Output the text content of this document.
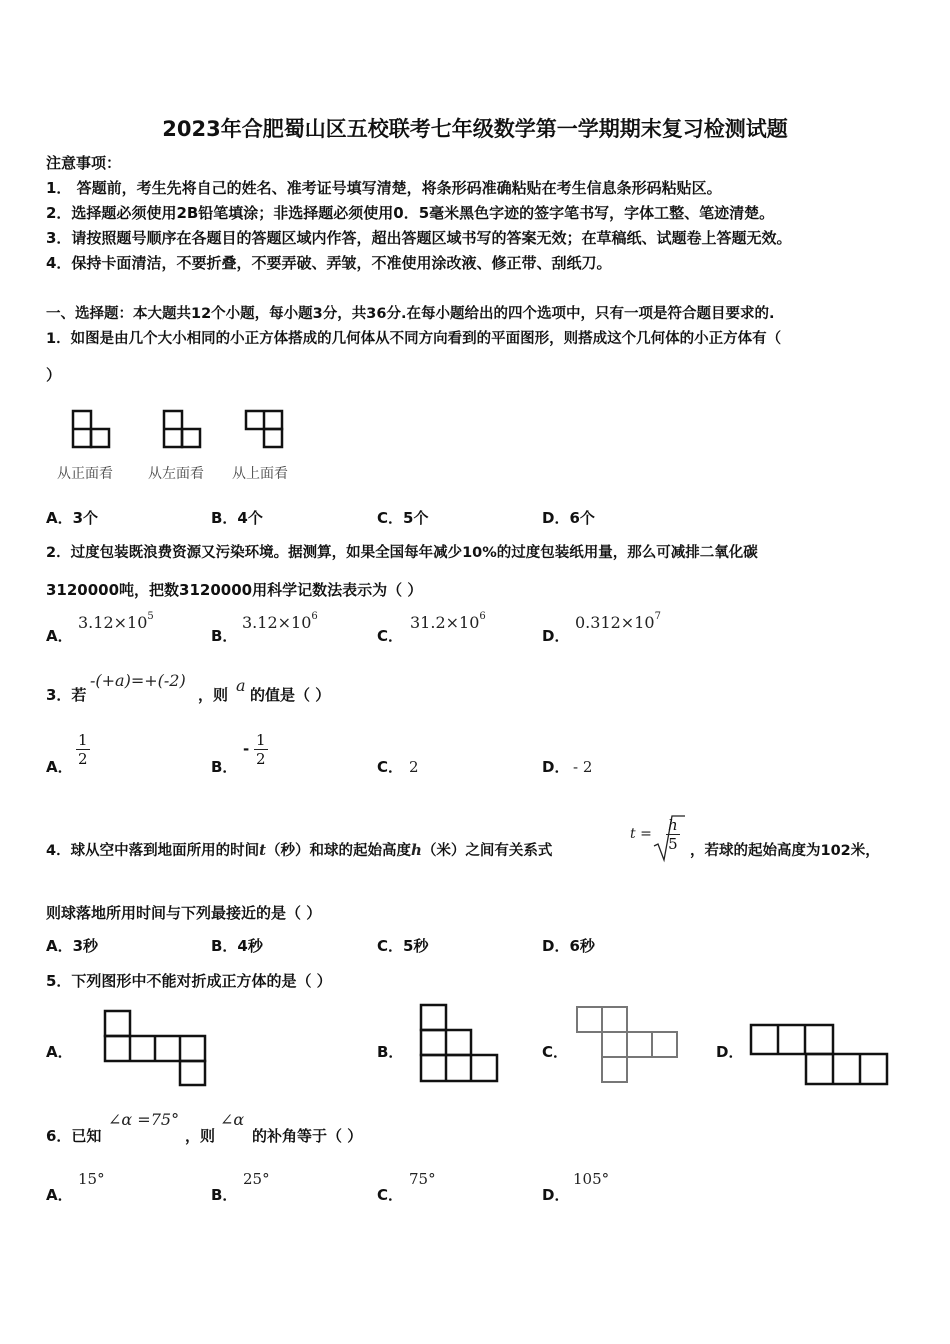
2023年合肥蜀山区五校联考七年级数学第一学期期末复习检测试题
注意事项：
1． 答题前，考生先将自己的姓名、准考证号填写清楚，将条形码准确粘贴在考生信息条形码粘贴区。
2．选择题必须使用2B铅笔填涂；非选择题必须使用0．5毫米黑色字迹的签字笔书写，字体工整、笔迹清楚。
3．请按照题号顺序在各题目的答题区域内作答，超出答题区域书写的答案无效；在草稿纸、试题卷上答题无效。
4．保持卡面清洁，不要折叠，不要弄破、弄皱，不准使用涂改液、修正带、刮纸刀。
一、选择题：本大题共12个小题，每小题3分，共36分.在每小题给出的四个选项中，只有一项是符合题目要求的.
1．如图是由几个大小相同的小正方体搭成的几何体从不同方向看到的平面图形，则搭成这个几何体的小正方体有（
）
从正面看	从左面看 从上面看
A．3个	B．4个	C．5个	D．6个
2．过度包装既浪费资源又污染环境。据测算，如果全国每年减少10%的过度包装纸用量，那么可减排二氧化碳
3120000吨，把数3120000用科学记数法表示为（ ）
A．
$3.12\times 10^5$
B．
$3.12\times 10^6$
C．
$31.2\times 10^6$
D．
$0.312\times 10^7$
3．若
-(+a)=+(-2)
，则 a 的值是（ ）
A． $\frac{1}{2}$	B．
- $\frac{1}{2}$	C． 2	D． - 2
4．球从空中落到地面所用的时间t（秒）和球的起始高度h（米）之间有关系式
$t = \frac{h}{5}$ ，若球的起始高度为102米，
则球落地所用时间与下列最接近的是（ ）
A．3秒	B．4秒	C．5秒	D．6秒
5．下列图形中不能对折成正方体的是（ ）
A．	B．	C．	D．
6．已知
∠α =75°
，则
∠α
的补角等于（ ）
A．
15°
B．
25°
C．
75°
D．
105°
